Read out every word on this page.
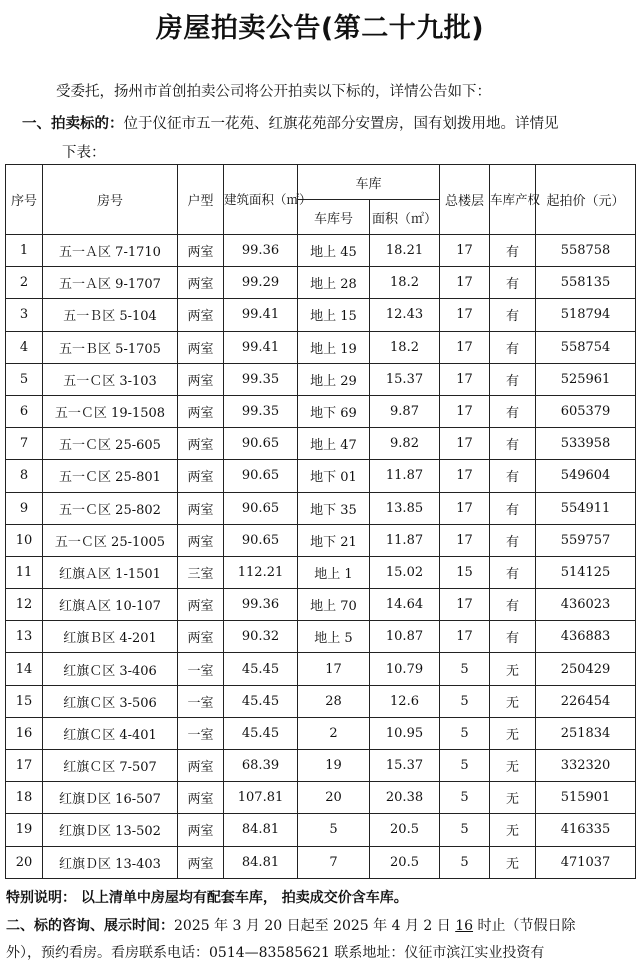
房屋拍卖公告(第二十九批)
受委托，扬州市首创拍卖公司将公开拍卖以下标的，详情公告如下：
一、拍卖标的：位于仪征市五一花苑、红旗花苑部分安置房，国有划拨用地。详情见
下表：
序号	房号	户型	建筑面积（㎡）	车库		总楼层	车库产权	起拍价（元）
				车库号	面积（㎡）			
1	五一Ａ区 7-1710	两室	99.36	地上 45	18.21	17	有	558758
2	五一Ａ区 9-1707	两室	99.29	地上 28	18.2	17	有	558135
3	五一Ｂ区 5-104	两室	99.41	地上 15	12.43	17	有	518794
4	五一Ｂ区 5-1705	两室	99.41	地上 19	18.2	17	有	558754
5	五一Ｃ区 3-103	两室	99.35	地上 29	15.37	17	有	525961
6	五一Ｃ区 19-1508	两室	99.35	地下 69	9.87	17	有	605379
7	五一Ｃ区 25-605	两室	90.65	地上 47	9.82	17	有	533958
8	五一Ｃ区 25-801	两室	90.65	地下 01	11.87	17	有	549604
9	五一Ｃ区 25-802	两室	90.65	地下 35	13.85	17	有	554911
10	五一Ｃ区 25-1005	两室	90.65	地下 21	11.87	17	有	559757
11	红旗Ａ区 1-1501	三室	112.21	地上 1	15.02	15	有	514125
12	红旗Ａ区 10-107	两室	99.36	地上 70	14.64	17	有	436023
13	红旗Ｂ区 4-201	两室	90.32	地上 5	10.87	17	有	436883
14	红旗Ｃ区 3-406	一室	45.45	17	10.79	5	无	250429
15	红旗Ｃ区 3-506	一室	45.45	28	12.6	5	无	226454
16	红旗Ｃ区 4-401	一室	45.45	2	10.95	5	无	251834
17	红旗Ｃ区 7-507	两室	68.39	19	15.37	5	无	332320
18	红旗Ｄ区 16-507	两室	107.81	20	20.38	5	无	515901
19	红旗Ｄ区 13-502	两室	84.81	5	20.5	5	无	416335
20	红旗Ｄ区 13-403	两室	84.81	7	20.5	5	无	471037
特别说明： 以上清单中房屋均有配套车库， 拍卖成交价含车库。
二、标的咨询、展示时间：2025 年 3 月 20 日起至 2025 年 4 月 2 日 16 时止（节假日除
外），预约看房。看房联系电话：0514—83585621 联系地址：仪征市滨江实业投资有
